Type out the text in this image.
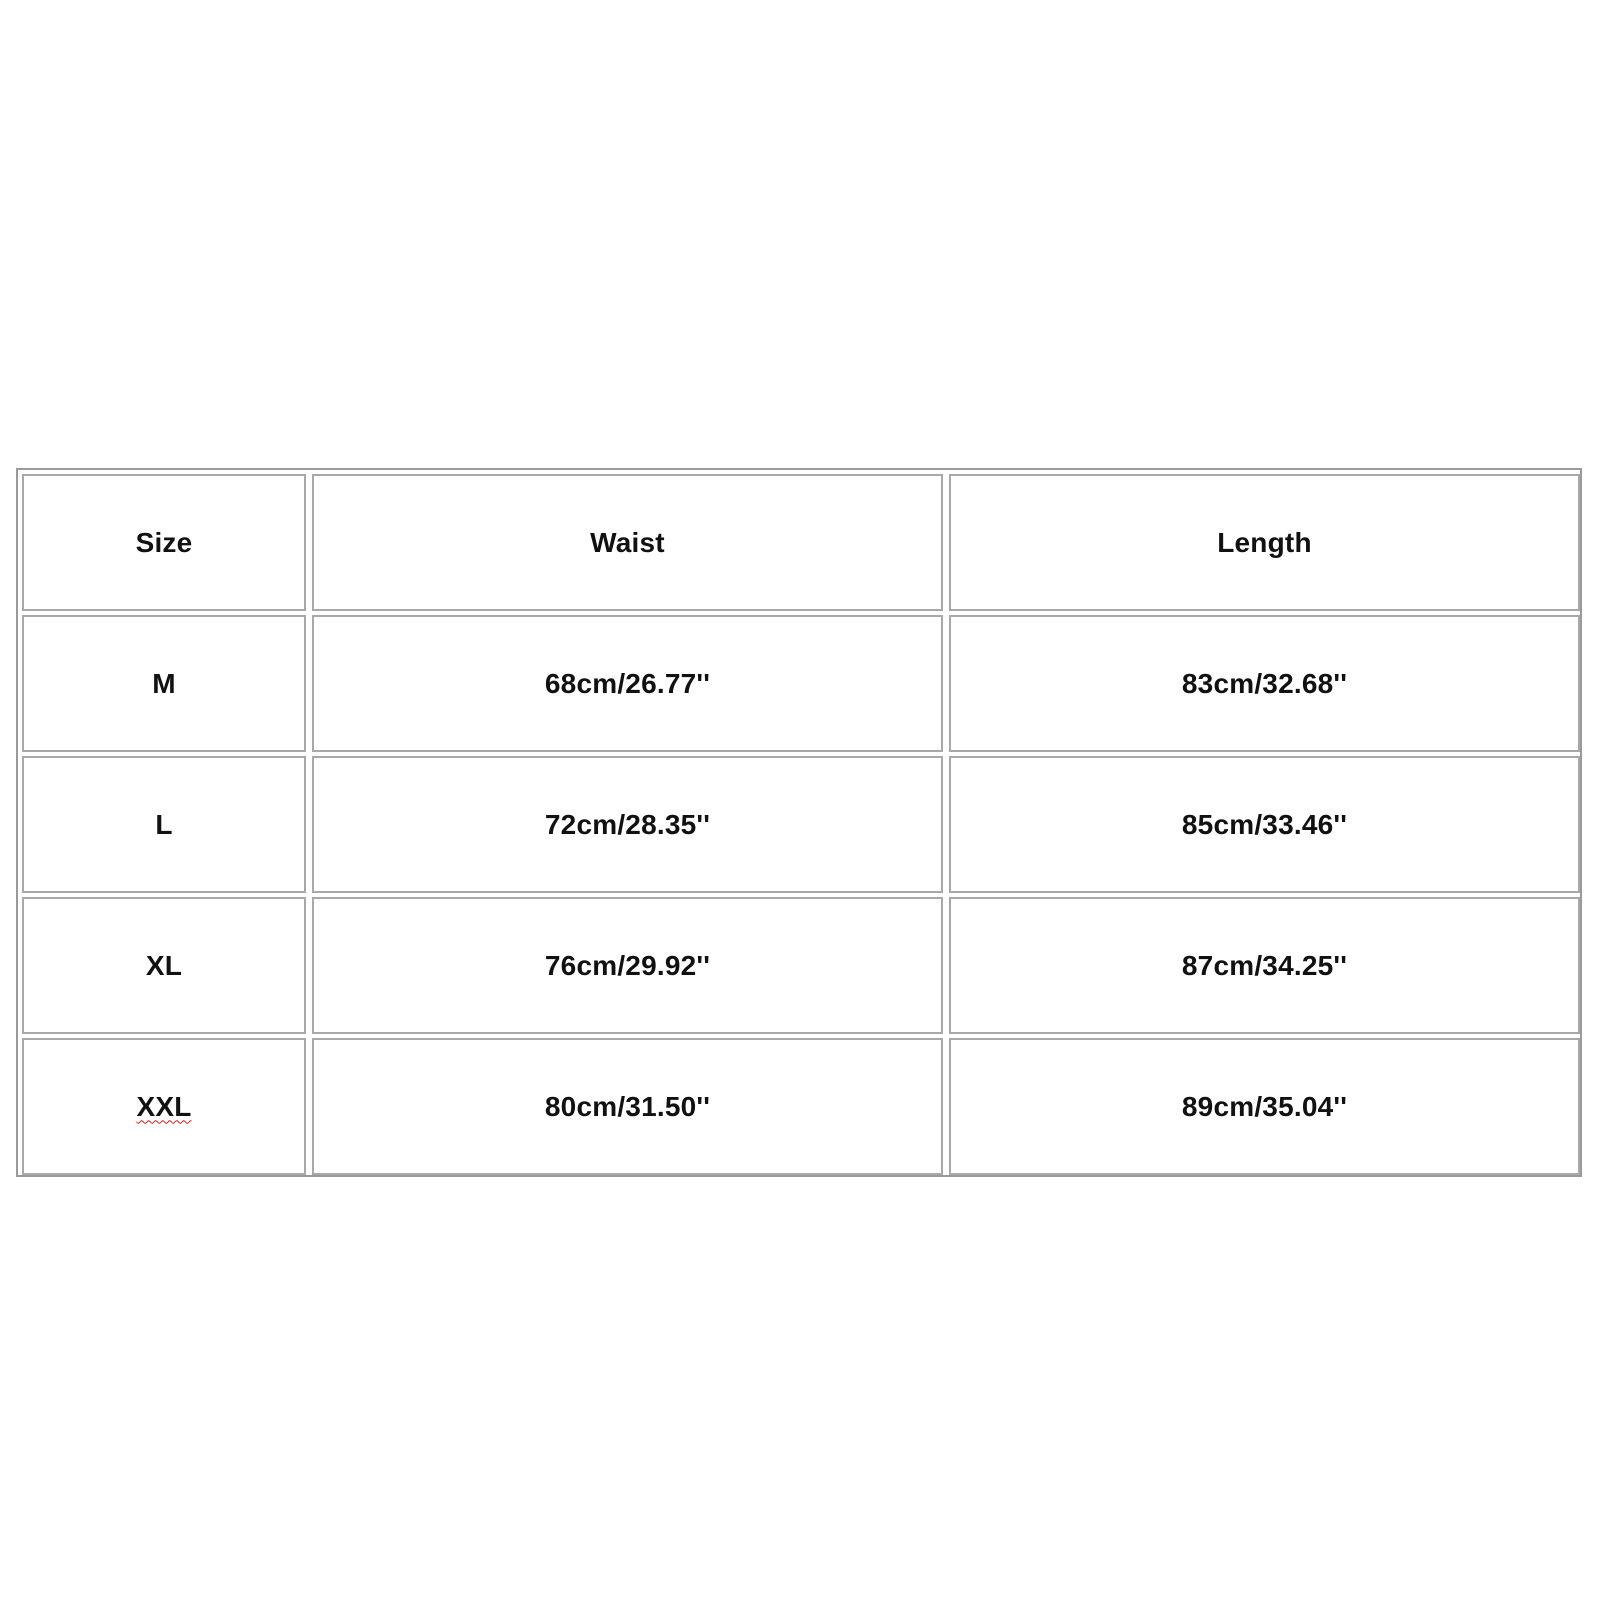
Size	Waist	Length
M	68cm/26.77''	83cm/32.68''
L	72cm/28.35''	85cm/33.46''
XL	76cm/29.92''	87cm/34.25''
XXL	80cm/31.50''	89cm/35.04''
